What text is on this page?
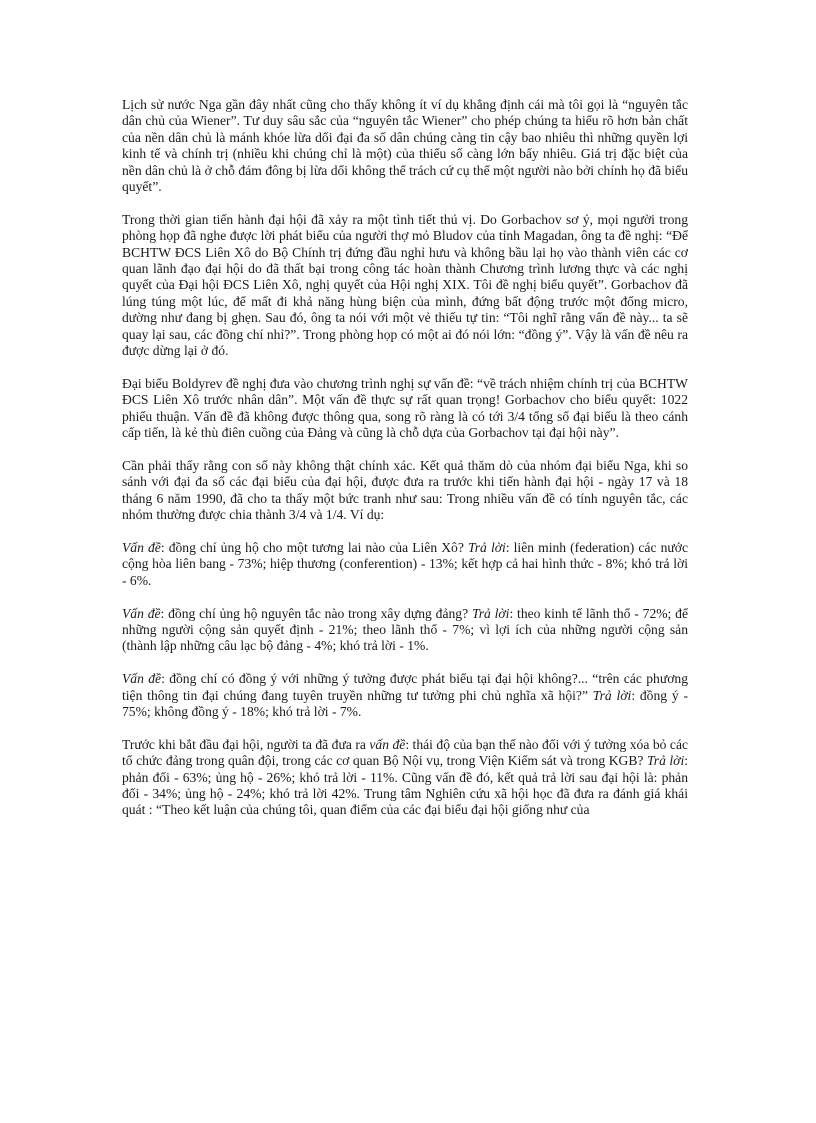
Lịch sử nước Nga gần đây nhất cũng cho thấy không ít ví dụ khẳng định cái mà tôi gọi là “nguyên tắc dân chủ của Wiener”. Tư duy sâu sắc của “nguyên tắc Wiener” cho phép chúng ta hiểu rõ hơn bản chất của nền dân chủ là mánh khóe lừa dối đại đa số dân chúng càng tin cậy bao nhiêu thì những quyền lợi kinh tế và chính trị (nhiều khi chúng chỉ là một) của thiểu số càng lớn bấy nhiêu. Giá trị đặc biệt của nền dân chủ là ở chỗ đám đông bị lừa dối không thể trách cứ cụ thể một người nào bởi chính họ đã biểu quyết”.

Trong thời gian tiến hành đại hội đã xảy ra một tình tiết thú vị. Do Gorbachov sơ ý, mọi người trong phòng họp đã nghe được lời phát biểu của người thợ mỏ Bludov của tỉnh Magadan, ông ta đề nghị: “Để BCHTW ĐCS Liên Xô do Bộ Chính trị đứng đầu nghỉ hưu và không bầu lại họ vào thành viên các cơ quan lãnh đạo đại hội do đã thất bại trong công tác hoàn thành Chương trình lương thực và các nghị quyết của Đại hội ĐCS Liên Xô, nghị quyết của Hội nghị XIX. Tôi đề nghị biểu quyết”. Gorbachov đã lúng túng một lúc, để mất đi khả năng hùng biện của mình, đứng bất động trước một đống micro, dường như đang bị ghẹn. Sau đó, ông ta nói với một vẻ thiếu tự tin: “Tôi nghĩ rằng vấn đề này... ta sẽ quay lại sau, các đồng chí nhỉ?”. Trong phòng họp có một ai đó nói lớn: “đồng ý”. Vậy là vấn đề nêu ra được dừng lại ở đó.

Đại biểu Boldyrev đề nghị đưa vào chương trình nghị sự vấn đề: “về trách nhiệm chính trị của BCHTW ĐCS Liên Xô trước nhân dân”. Một vấn đề thực sự rất quan trọng! Gorbachov cho biểu quyết: 1022 phiếu thuận. Vấn đề đã không được thông qua, song rõ ràng là có tới 3/4 tổng số đại biểu là theo cánh cấp tiến, là kẻ thù điên cuồng của Đảng và cũng là chỗ dựa của Gorbachov tại đại hội này”.

Cần phải thấy rằng con số này không thật chính xác. Kết quả thăm dò của nhóm đại biểu Nga, khi so sánh với đại đa số các đại biểu của đại hội, được đưa ra trước khi tiến hành đại hội - ngày 17 và 18 tháng 6 năm 1990, đã cho ta thấy một bức tranh như sau: Trong nhiều vấn đề có tính nguyên tắc, các nhóm thường được chia thành 3/4 và 1/4. Ví dụ:

Vấn đề: đồng chí ủng hộ cho một tương lai nào của Liên Xô? Trả lời: liên minh (federation) các nước cộng hòa liên bang - 73%; hiệp thương (conferention) - 13%; kết hợp cả hai hình thức - 8%; khó trả lời - 6%.

Vấn đề: đồng chí ủng hộ nguyên tắc nào trong xây dựng đảng? Trả lời: theo kinh tế lãnh thổ - 72%; để những người cộng sản quyết định - 21%; theo lãnh thổ - 7%; vì lợi ích của những người cộng sản (thành lập những câu lạc bộ đảng - 4%; khó trả lời - 1%.

Vấn đề: đồng chí có đồng ý với những ý tưởng được phát biểu tại đại hội không?... “trên các phương tiện thông tin đại chúng đang tuyên truyền những tư tưởng phi chủ nghĩa xã hội?” Trả lời: đồng ý - 75%; không đồng ý - 18%; khó trả lời - 7%.

Trước khi bắt đầu đại hội, người ta đã đưa ra vấn đề: thái độ của bạn thế nào đối với ý tưởng xóa bỏ các tổ chức đảng trong quân đội, trong các cơ quan Bộ Nội vụ, trong Viện Kiểm sát và trong KGB? Trả lời: phản đối - 63%; ủng hộ - 26%; khó trả lời - 11%. Cũng vấn đề đó, kết quả trả lời sau đại hội là: phản đối - 34%; ủng hộ - 24%; khó trả lời 42%. Trung tâm Nghiên cứu xã hội học đã đưa ra đánh giá khái quát : “Theo kết luận của chúng tôi, quan điểm của các đại biểu đại hội giống như của
